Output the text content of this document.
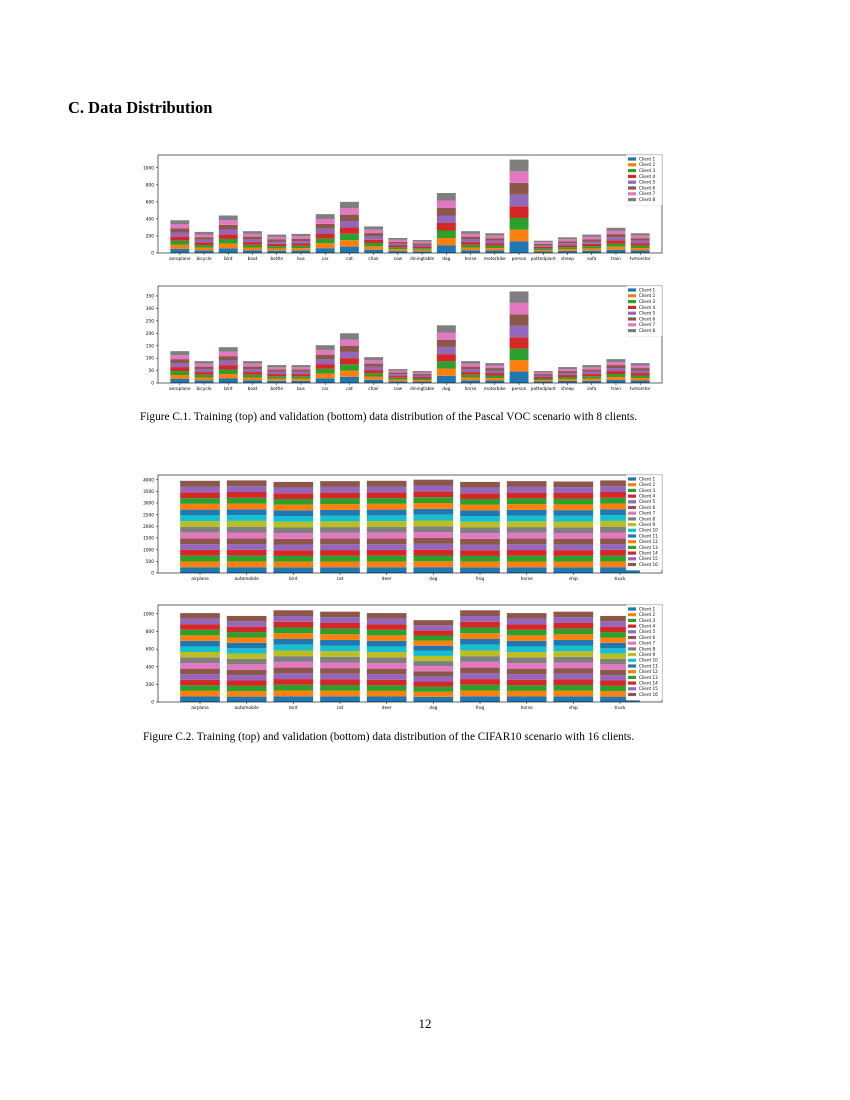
C. Data Distribution
aeroplane bicycle	bird	boat	bottle	bus	car	cat	chair	cow diningtable dog	horse motorbike person pottedplant sheep	sofa	train tvmonitor
0
200
400
600
800
1000
Client 1
Client 2
Client 3
Client 4
Client 5
Client 6
Client 7
Client 8
aeroplane bicycle	bird	boat	bottle	bus	car	cat	chair	cow diningtable dog	horse motorbike person pottedplant sheep	sofa	train tvmonitor
0
50
100
150
200
250
300
350
Client 1
Client 2
Client 3
Client 4
Client 5
Client 6
Client 7
Client 8

Figure C.1. Training (top) and validation (bottom) data distribution of the Pascal VOC scenario with 8 clients.

airplane	automobile	bird	cat	deer	dog	frog	horse	ship	truck
0
500
1000
1500
2000
2500
3000
3500
4000	Client 1
Client 2
Client 3
Client 4
Client 5
Client 6
Client 7
Client 8
Client 9
Client 10
Client 11
Client 12
Client 13
Client 14
Client 15
Client 16
airplane	automobile	bird	cat	deer	dog	frog	horse	ship	truck
0
200
400
600
800
1000
Client 1
Client 2
Client 3
Client 4
Client 5
Client 6
Client 7
Client 8
Client 9
Client 10
Client 11
Client 12
Client 13
Client 14
Client 15
Client 16

Figure C.2. Training (top) and validation (bottom) data distribution of the CIFAR10 scenario with 16 clients.

12
